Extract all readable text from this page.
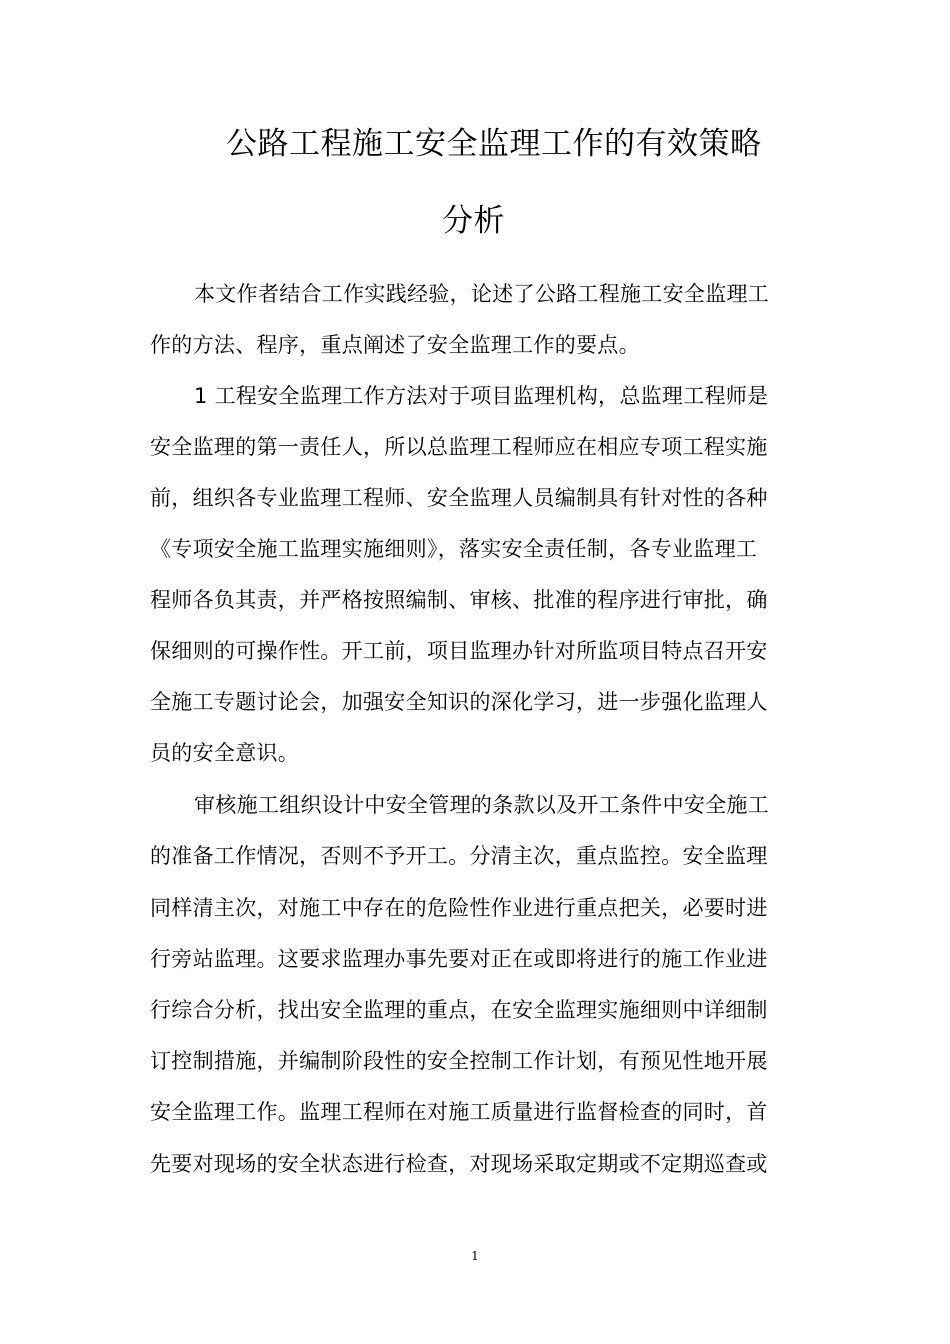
公路工程施工安全监理工作的有效策略
分析
本文作者结合工作实践经验，论述了公路工程施工安全监理工
作的方法、程序，重点阐述了安全监理工作的要点。
1 工程安全监理工作方法对于项目监理机构，总监理工程师是
安全监理的第一责任人，所以总监理工程师应在相应专项工程实施
前，组织各专业监理工程师、安全监理人员编制具有针对性的各种
《专项安全施工监理实施细则》，落实安全责任制，各专业监理工
程师各负其责，并严格按照编制、审核、批准的程序进行审批，确
保细则的可操作性。开工前，项目监理办针对所监项目特点召开安
全施工专题讨论会，加强安全知识的深化学习，进一步强化监理人
员的安全意识。
审核施工组织设计中安全管理的条款以及开工条件中安全施工
的准备工作情况，否则不予开工。分清主次，重点监控。安全监理
同样清主次，对施工中存在的危险性作业进行重点把关，必要时进
行旁站监理。这要求监理办事先要对正在或即将进行的施工作业进
行综合分析，找出安全监理的重点，在安全监理实施细则中详细制
订控制措施，并编制阶段性的安全控制工作计划，有预见性地开展
安全监理工作。监理工程师在对施工质量进行监督检查的同时，首
先要对现场的安全状态进行检查，对现场采取定期或不定期巡查或
1
